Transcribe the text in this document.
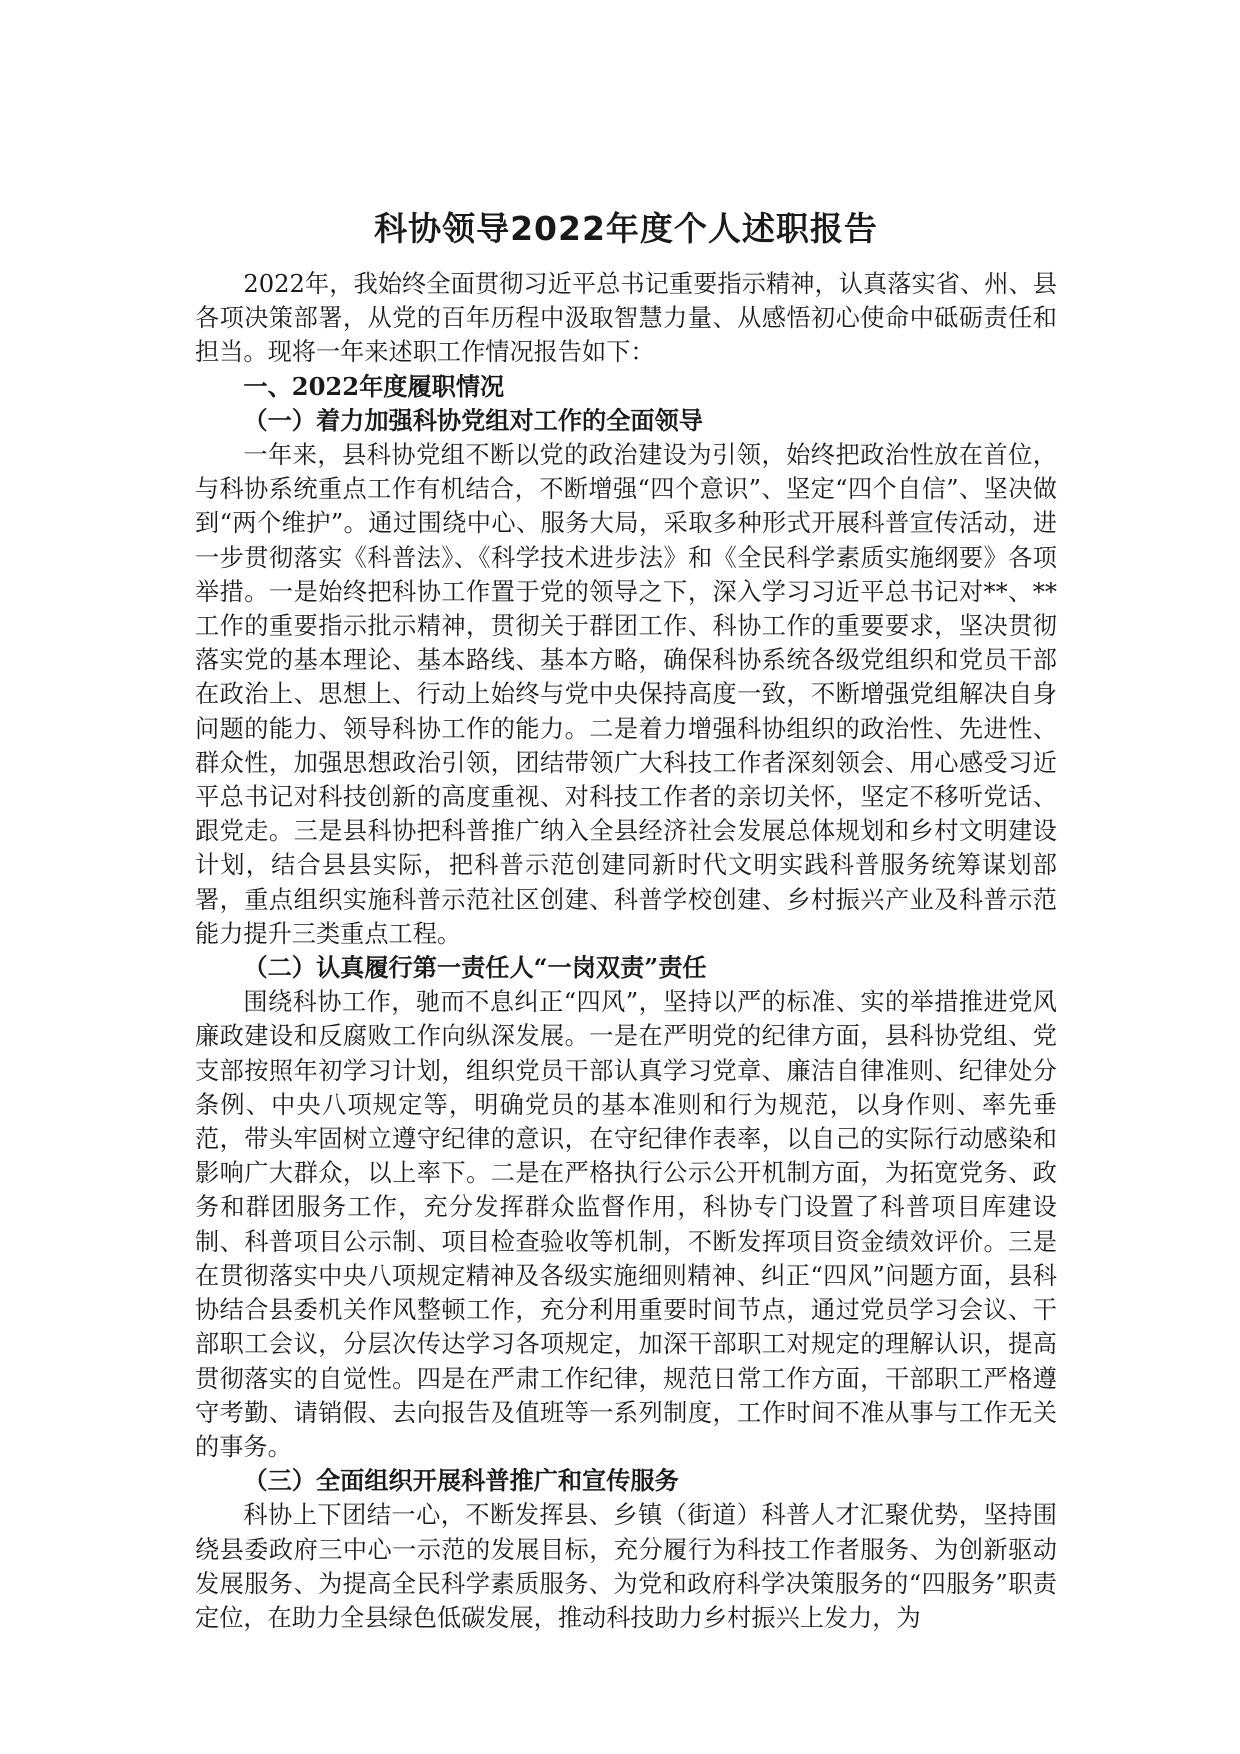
科协领导2022年度个人述职报告

2022年，我始终全面贯彻习近平总书记重要指示精神，认真落实省、州、县各项决策部署，从党的百年历程中汲取智慧力量、从感悟初心使命中砥砺责任和担当。现将一年来述职工作情况报告如下：

一、2022年度履职情况

（一）着力加强科协党组对工作的全面领导

一年来，县科协党组不断以党的政治建设为引领，始终把政治性放在首位，与科协系统重点工作有机结合，不断增强“四个意识”、坚定“四个自信”、坚决做到“两个维护”。通过围绕中心、服务大局，采取多种形式开展科普宣传活动，进一步贯彻落实《科普法》、《科学技术进步法》和《全民科学素质实施纲要》各项举措。一是始终把科协工作置于党的领导之下，深入学习习近平总书记对**、**工作的重要指示批示精神，贯彻关于群团工作、科协工作的重要要求，坚决贯彻落实党的基本理论、基本路线、基本方略，确保科协系统各级党组织和党员干部在政治上、思想上、行动上始终与党中央保持高度一致，不断增强党组解决自身问题的能力、领导科协工作的能力。二是着力增强科协组织的政治性、先进性、群众性，加强思想政治引领，团结带领广大科技工作者深刻领会、用心感受习近平总书记对科技创新的高度重视、对科技工作者的亲切关怀，坚定不移听党话、跟党走。三是县科协把科普推广纳入全县经济社会发展总体规划和乡村文明建设计划，结合县县实际，把科普示范创建同新时代文明实践科普服务统筹谋划部署，重点组织实施科普示范社区创建、科普学校创建、乡村振兴产业及科普示范能力提升三类重点工程。

（二）认真履行第一责任人“一岗双责”责任

围绕科协工作，驰而不息纠正“四风”，坚持以严的标准、实的举措推进党风廉政建设和反腐败工作向纵深发展。一是在严明党的纪律方面，县科协党组、党支部按照年初学习计划，组织党员干部认真学习党章、廉洁自律准则、纪律处分条例、中央八项规定等，明确党员的基本准则和行为规范，以身作则、率先垂范，带头牢固树立遵守纪律的意识，在守纪律作表率，以自己的实际行动感染和影响广大群众，以上率下。二是在严格执行公示公开机制方面，为拓宽党务、政务和群团服务工作，充分发挥群众监督作用，科协专门设置了科普项目库建设制、科普项目公示制、项目检查验收等机制，不断发挥项目资金绩效评价。三是在贯彻落实中央八项规定精神及各级实施细则精神、纠正“四风”问题方面，县科协结合县委机关作风整顿工作，充分利用重要时间节点，通过党员学习会议、干部职工会议，分层次传达学习各项规定，加深干部职工对规定的理解认识，提高贯彻落实的自觉性。四是在严肃工作纪律，规范日常工作方面，干部职工严格遵守考勤、请销假、去向报告及值班等一系列制度，工作时间不准从事与工作无关的事务。

（三）全面组织开展科普推广和宣传服务

科协上下团结一心，不断发挥县、乡镇（街道）科普人才汇聚优势，坚持围绕县委政府三中心一示范的发展目标，充分履行为科技工作者服务、为创新驱动发展服务、为提高全民科学素质服务、为党和政府科学决策服务的“四服务”职责定位，在助力全县绿色低碳发展，推动科技助力乡村振兴上发力，为
